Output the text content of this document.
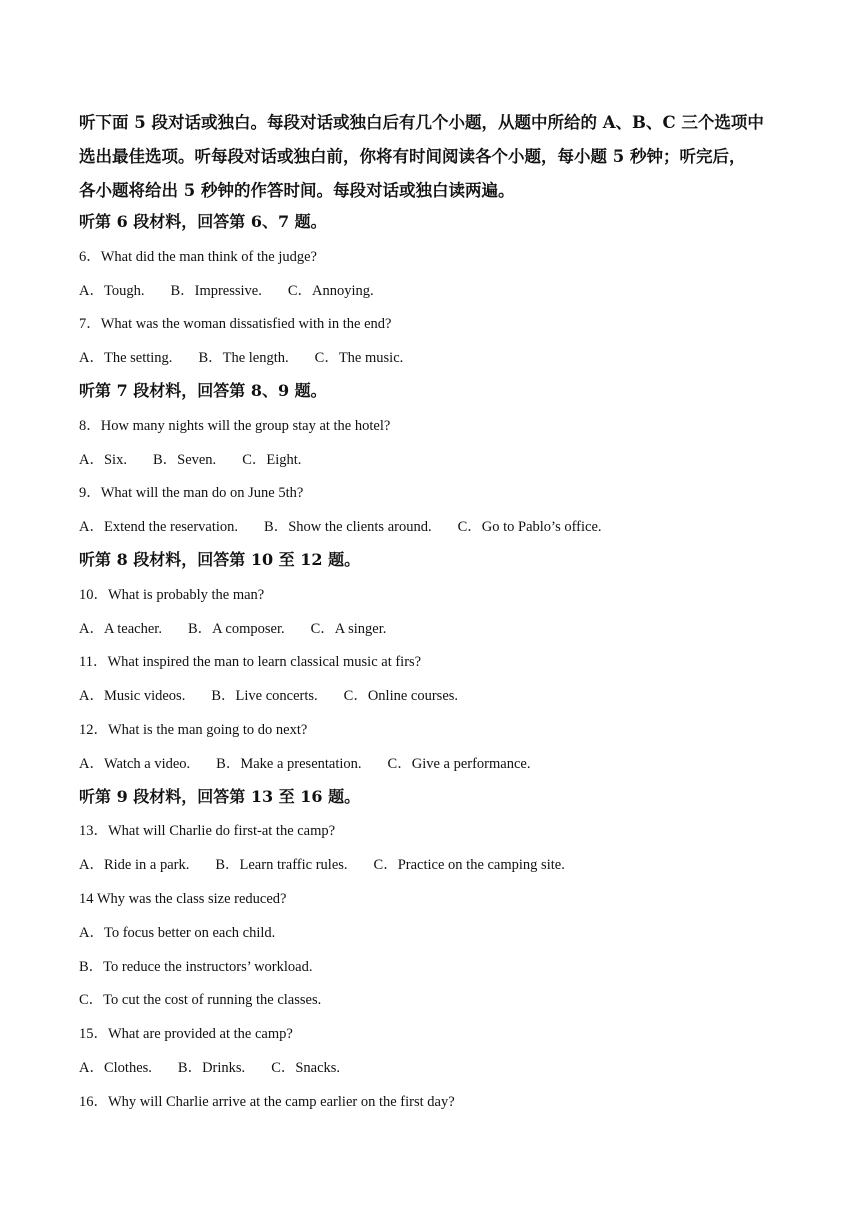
听下面 5 段对话或独白。每段对话或独白后有几个小题，从题中所给的 A、B、C 三个选项中
选出最佳选项。听每段对话或独白前，你将有时间阅读各个小题，每小题 5 秒钟；听完后，
各小题将给出 5 秒钟的作答时间。每段对话或独白读两遍。
听第 6 段材料，回答第 6、7 题。
6．What did the man think of the judge?
A．Tough. B．Impressive. C．Annoying.
7．What was the woman dissatisfied with in the end?
A．The setting. B．The length. C．The music.
听第 7 段材料，回答第 8、9 题。
8．How many nights will the group stay at the hotel?
A．Six. B．Seven. C．Eight.
9．What will the man do on June 5th?
A．Extend the reservation. B．Show the clients around. C．Go to Pablo’s office.
听第 8 段材料，回答第 10 至 12 题。
10．What is probably the man?
A．A teacher. B．A composer. C．A singer.
11．What inspired the man to learn classical music at firs?
A．Music videos. B．Live concerts. C．Online courses.
12．What is the man going to do next?
A．Watch a video. B．Make a presentation. C．Give a performance.
听第 9 段材料，回答第 13 至 16 题。
13．What will Charlie do first-at the camp?
A．Ride in a park. B．Learn traffic rules. C．Practice on the camping site.
14 Why was the class size reduced?
A．To focus better on each child.
B．To reduce the instructors’ workload.
C．To cut the cost of running the classes.
15．What are provided at the camp?
A．Clothes. B．Drinks. C．Snacks.
16．Why will Charlie arrive at the camp earlier on the first day?
